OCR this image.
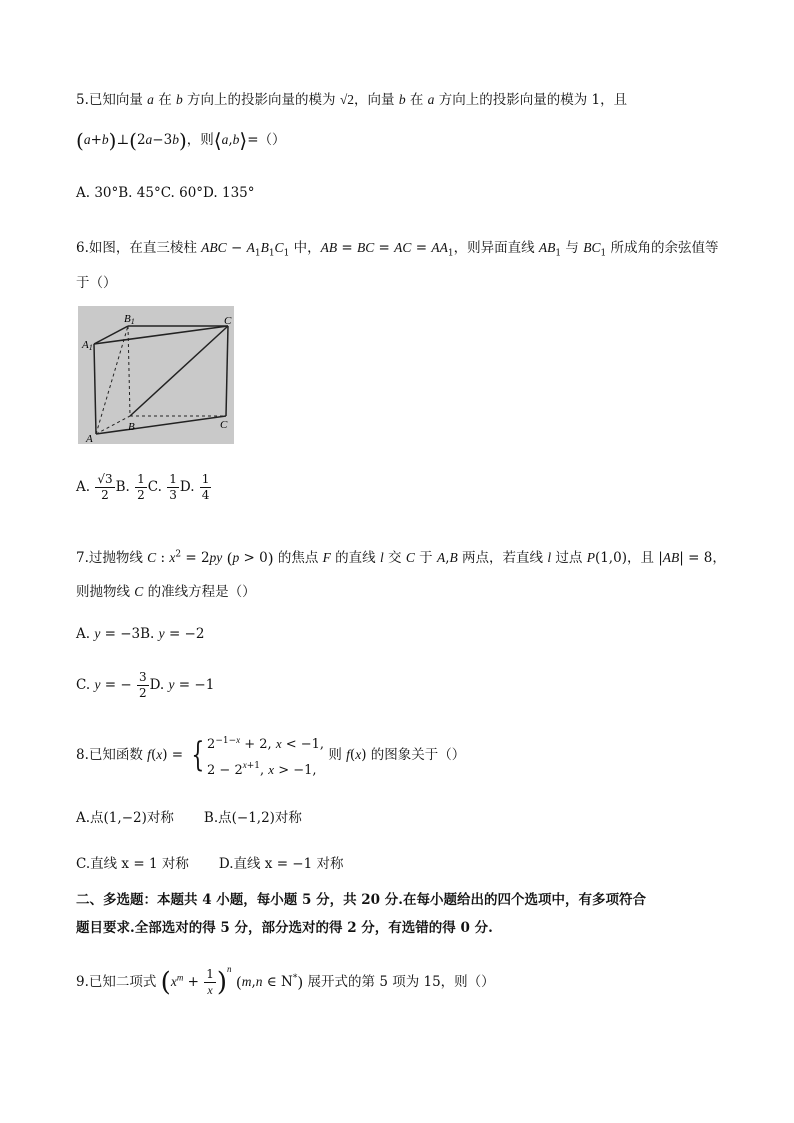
5.已知向量 a 在 b 方向上的投影向量的模为 √2，向量 b 在 a 方向上的投影向量的模为 1，且
(a+b)⊥(2a−3b)，则⟨a,b⟩=（）
A. 30°B. 45°C. 60°D. 135°
6.如图，在直三棱柱 ABC − $A_1B_1C_1$ 中，AB = BC = AC = $AA_1$，则异面直线 $AB_1$ 与 $BC_1$ 所成角的余弦值等
于（）
B1	C
A1
B	C
A
A. $\frac{√3}{2} B$. $\frac{1}{2} C$. $\frac{1}{3} D$. $\frac{1}{4}$
7.过抛物线 C : $x^2 = 2py$ (p > 0) 的焦点 F 的直线 l 交 C 于 A,B 两点，若直线 l 过点 P(1,0)，且 |AB| = 8，
则抛物线 C 的准线方程是（）
A. y = −3B. y = −2
C. y = − $\frac{3}{2} D$. y = −1
8.已知函数 f(x) = { $2^{-1-x} + 2$, x < −1,
$2 - 2^{x+1}$, x > −1, 则 f(x) 的图象关于（）
A.点(1,−2)对称 B.点(−1,2)对称
C.直线 x = 1 对称 D.直线 x = −1 对称
二、多选题：本题共 4 小题，每小题 5 分，共 20 分.在每小题给出的四个选项中，有多项符合
题目要求.全部选对的得 5 分，部分选对的得 2 分，有选错的得 0 分.
9.已知二项式 $(x^m + \frac{1}{x} )^n$ (m,n ∈ N*) 展开式的第 5 项为 15，则（）
